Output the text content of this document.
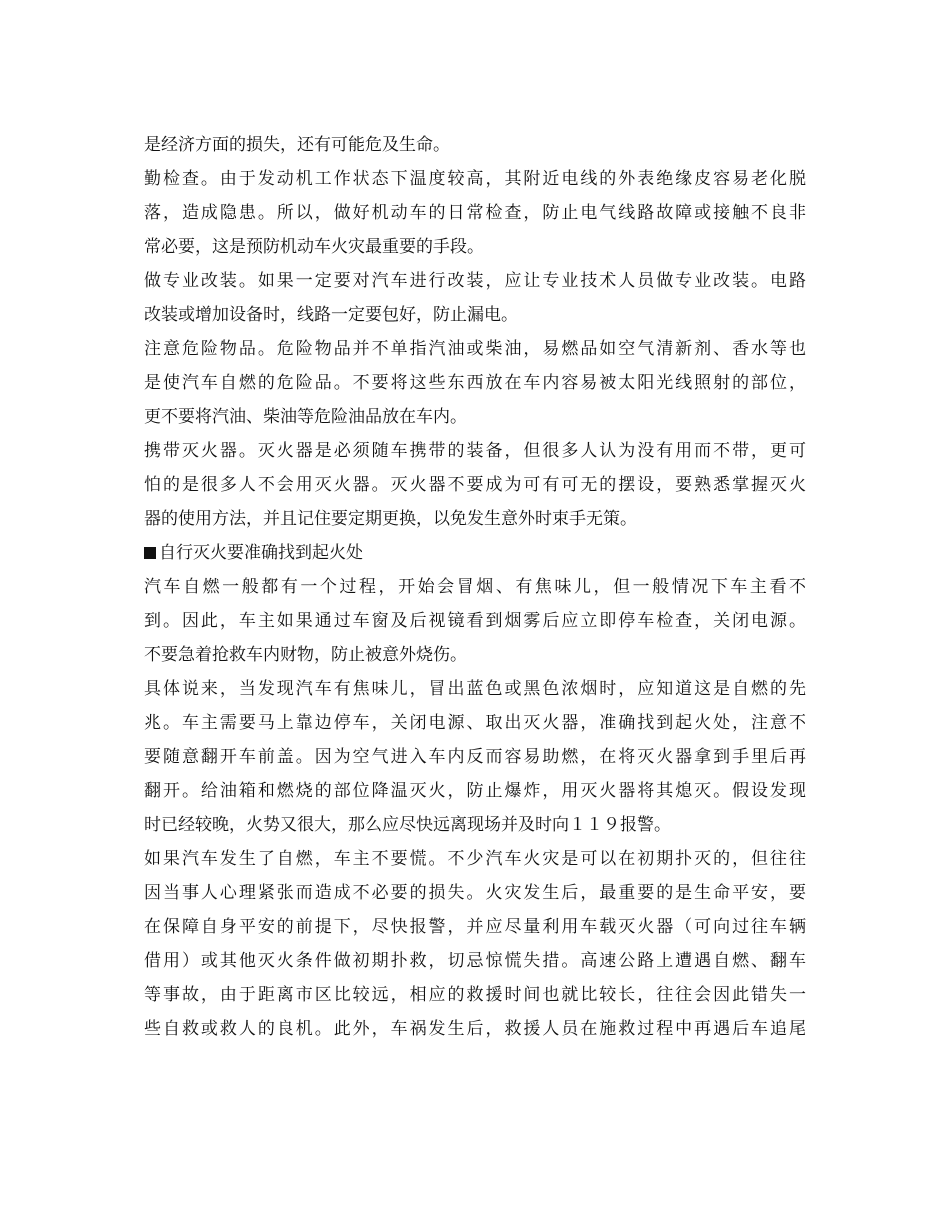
是经济方面的损失，还有可能危及生命。
勤检查。由于发动机工作状态下温度较高，其附近电线的外表绝缘皮容易老化脱
落，造成隐患。所以，做好机动车的日常检查，防止电气线路故障或接触不良非
常必要，这是预防机动车火灾最重要的手段。
做专业改装。如果一定要对汽车进行改装，应让专业技术人员做专业改装。电路
改装或增加设备时，线路一定要包好，防止漏电。
注意危险物品。危险物品并不单指汽油或柴油，易燃品如空气清新剂、香水等也
是使汽车自燃的危险品。不要将这些东西放在车内容易被太阳光线照射的部位，
更不要将汽油、柴油等危险油品放在车内。
携带灭火器。灭火器是必须随车携带的装备，但很多人认为没有用而不带，更可
怕的是很多人不会用灭火器。灭火器不要成为可有可无的摆设，要熟悉掌握灭火
器的使用方法，并且记住要定期更换，以免发生意外时束手无策。
自行灭火要准确找到起火处
汽车自燃一般都有一个过程，开始会冒烟、有焦味儿，但一般情况下车主看不
到。因此，车主如果通过车窗及后视镜看到烟雾后应立即停车检查，关闭电源。
不要急着抢救车内财物，防止被意外烧伤。
具体说来，当发现汽车有焦味儿，冒出蓝色或黑色浓烟时，应知道这是自燃的先
兆。车主需要马上靠边停车，关闭电源、取出灭火器，准确找到起火处，注意不
要随意翻开车前盖。因为空气进入车内反而容易助燃，在将灭火器拿到手里后再
翻开。给油箱和燃烧的部位降温灭火，防止爆炸，用灭火器将其熄灭。假设发现
时已经较晚，火势又很大，那么应尽快远离现场并及时向１１９报警。
如果汽车发生了自燃，车主不要慌。不少汽车火灾是可以在初期扑灭的，但往往
因当事人心理紧张而造成不必要的损失。火灾发生后，最重要的是生命平安，要
在保障自身平安的前提下，尽快报警，并应尽量利用车载灭火器（可向过往车辆
借用）或其他灭火条件做初期扑救，切忌惊慌失措。高速公路上遭遇自燃、翻车
等事故，由于距离市区比较远，相应的救援时间也就比较长，往往会因此错失一
些自救或救人的良机。此外，车祸发生后，救援人员在施救过程中再遇后车追尾
